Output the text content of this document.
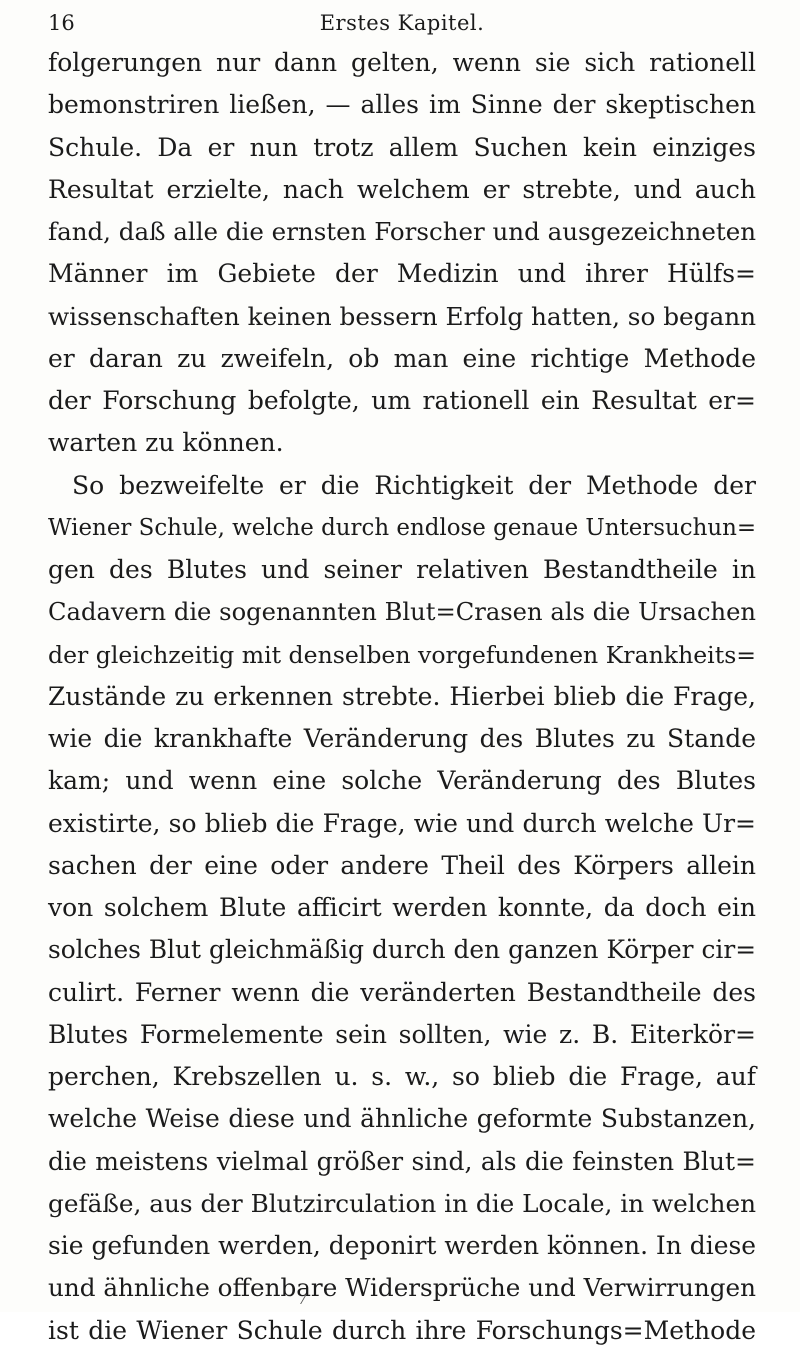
16	Erstes Kapitel.
folgerungen nur dann gelten, wenn sie sich rationell
bemonstriren ließen, — alles im Sinne der skeptischen
Schule. Da er nun trotz allem Suchen kein einziges
Resultat erzielte, nach welchem er strebte, und auch
fand, daß alle die ernsten Forscher und ausgezeichneten
Männer im Gebiete der Medizin und ihrer Hülfs=
wissenschaften keinen bessern Erfolg hatten, so begann
er daran zu zweifeln, ob man eine richtige Methode
der Forschung befolgte, um rationell ein Resultat er=
warten zu können.
So bezweifelte er die Richtigkeit der Methode der
Wiener Schule, welche durch endlose genaue Untersuchun=
gen des Blutes und seiner relativen Bestandtheile in
Cadavern die sogenannten Blut=Crasen als die Ursachen
der gleichzeitig mit denselben vorgefundenen Krankheits=
Zustände zu erkennen strebte. Hierbei blieb die Frage,
wie die krankhafte Veränderung des Blutes zu Stande
kam; und wenn eine solche Veränderung des Blutes
existirte, so blieb die Frage, wie und durch welche Ur=
sachen der eine oder andere Theil des Körpers allein
von solchem Blute afficirt werden konnte, da doch ein
solches Blut gleichmäßig durch den ganzen Körper cir=
culirt. Ferner wenn die veränderten Bestandtheile des
Blutes Formelemente sein sollten, wie z. B. Eiterkör=
perchen, Krebszellen u. s. w., so blieb die Frage, auf
welche Weise diese und ähnliche geformte Substanzen,
die meistens vielmal größer sind, als die feinsten Blut=
gefäße, aus der Blutzirculation in die Locale, in welchen
sie gefunden werden, deponirt werden können. In diese
und ähnliche offenbare Widersprüche und Verwirrungen
ist die Wiener Schule durch ihre Forschungs=Methode
